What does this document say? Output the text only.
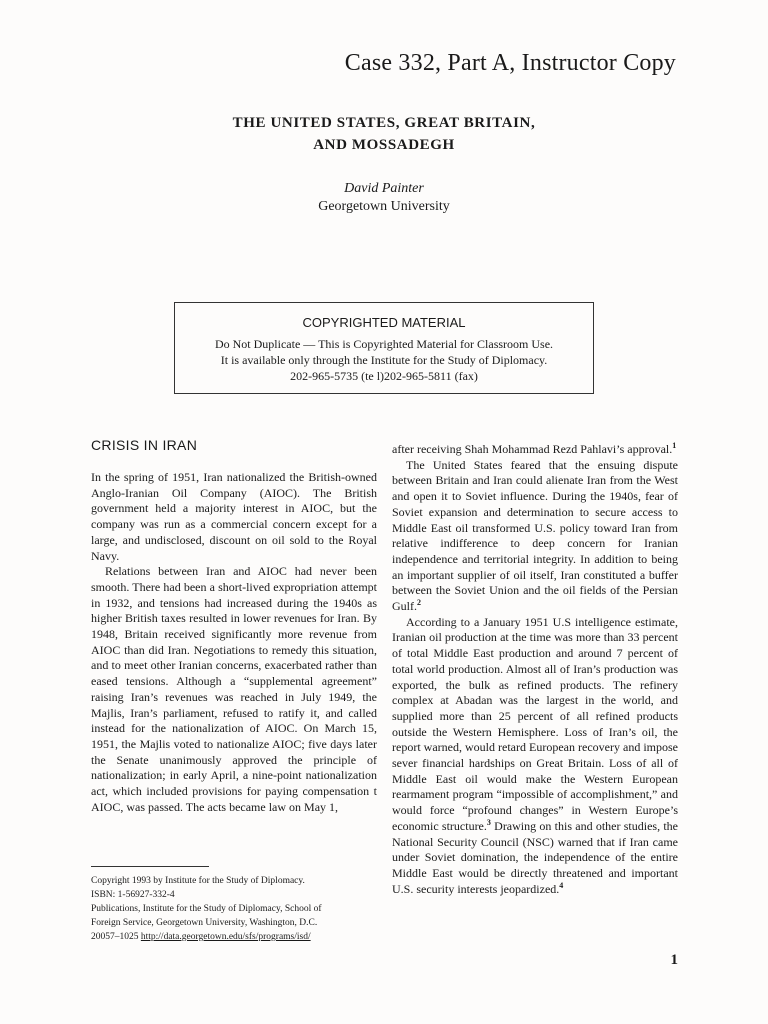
Case 332, Part A, Instructor Copy
THE UNITED STATES, GREAT BRITAIN,
AND MOSSADEGH
David Painter
Georgetown University
COPYRIGHTED MATERIAL
Do Not Duplicate — This is Copyrighted Material for Classroom Use.
It is available only through the Institute for the Study of Diplomacy.
202-965-5735 (te l)202-965-5811 (fax)
CRISIS IN IRAN

In the spring of 1951, Iran nationalized the British-owned Anglo-Iranian Oil Company (AIOC). The British government held a majority interest in AIOC, but the company was run as a commercial concern except for a large, and undisclosed, discount on oil sold to the Royal Navy.

Relations between Iran and AIOC had never been smooth. There had been a short-lived expropriation attempt in 1932, and tensions had increased during the 1940s as higher British taxes resulted in lower revenues for Iran. By 1948, Britain received significantly more revenue from AIOC than did Iran. Negotiations to remedy this situation, and to meet other Iranian concerns, exacerbated rather than eased tensions. Although a “supplemental agreement” raising Iran’s revenues was reached in July 1949, the Majlis, Iran’s parliament, refused to ratify it, and called instead for the nationalization of AIOC. On March 15, 1951, the Majlis voted to nationalize AIOC; five days later the Senate unanimously approved the principle of nationalization; in early April, a nine-point nationalization act, which included provisions for paying compensation t AIOC, was passed. The acts became law on May 1,

after receiving Shah Mohammad Rezd Pahlavi’s approval.$^1$

The United States feared that the ensuing dispute between Britain and Iran could alienate Iran from the West and open it to Soviet influence. During the 1940s, fear of Soviet expansion and determination to secure access to Middle East oil transformed U.S. policy toward Iran from relative indifference to deep concern for Iranian independence and territorial integrity. In addition to being an important supplier of oil itself, Iran constituted a buffer between the Soviet Union and the oil fields of the Persian Gulf.$^2$

According to a January 1951 U.S intelligence estimate, Iranian oil production at the time was more than 33 percent of total Middle East production and around 7 percent of total world production. Almost all of Iran’s production was exported, the bulk as refined products. The refinery complex at Abadan was the largest in the world, and supplied more than 25 percent of all refined products outside the Western Hemisphere. Loss of Iran’s oil, the report warned, would retard European recovery and impose sever financial hardships on Great Britain. Loss of all of Middle East oil would make the Western European rearmament program “impossible of accomplishment,” and would force “profound changes” in Western Europe’s economic structure.$^3$ Drawing on this and other studies, the National Security Council (NSC) warned that if Iran came under Soviet domination, the independence of the entire Middle East would be directly threatened and important U.S. security interests jeopardized.$^4$

Copyright 1993 by Institute for the Study of Diplomacy.
ISBN: 1-56927-332-4
Publications, Institute for the Study of Diplomacy, School of
Foreign Service, Georgetown University, Washington, D.C.
20057–1025 http://data.georgetown.edu/sfs/programs/isd/
1
